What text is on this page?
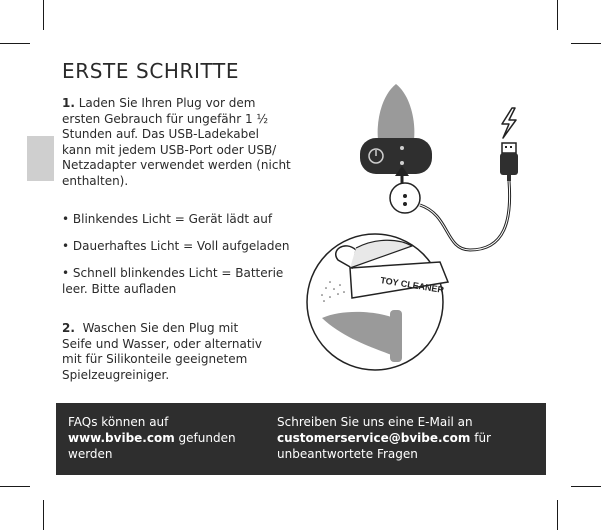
ERSTE SCHRITTE

1. Laden Sie Ihren Plug vor dem

ersten Gebrauch für ungefähr 1 ½

Stunden auf. Das USB-Ladekabel

kann mit jedem USB-Port oder USB/

Netzadapter verwendet werden (nicht

enthalten).

• Blinkendes Licht = Gerät lädt auf

• Dauerhaftes Licht = Voll aufgeladen

• Schnell blinkendes Licht = Batterie

leer. Bitte aufladen

2. Waschen Sie den Plug mit

Seife und Wasser, oder alternativ

mit für Silikonteile geeignetem

Spielzeugreiniger.

TOY CLEANER
FAQs können auf
www.bvibe.com gefunden
werden
Schreiben Sie uns eine E-Mail an
customerservice@bvibe.com für
unbeantwortete Fragen
